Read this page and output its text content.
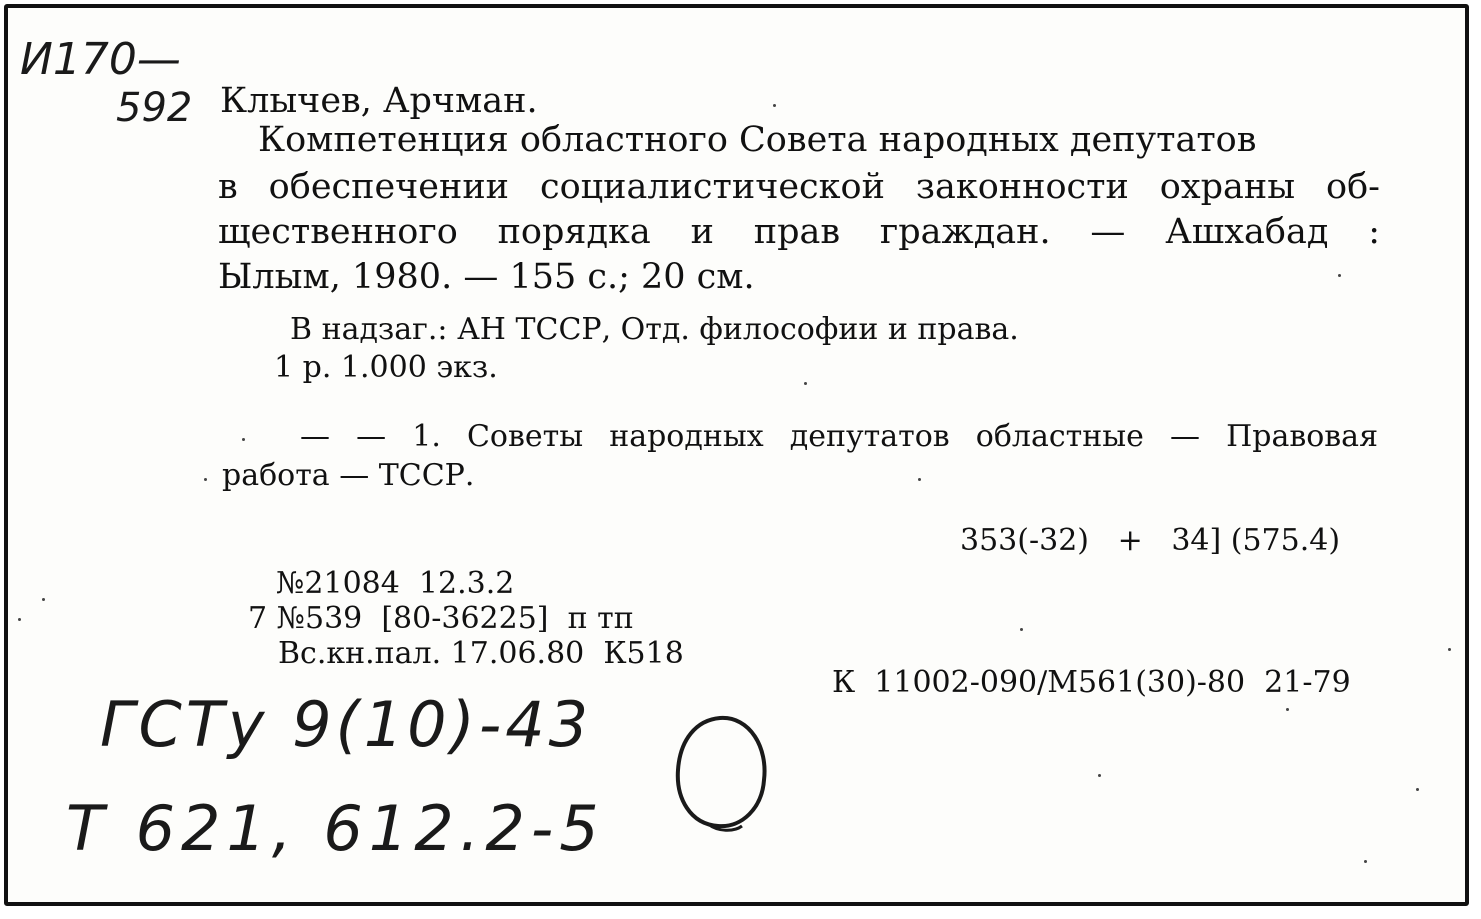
И170—
592 Клычев, Арчман.
Компетенция областного Совета народных депутатов
в обеспечении социалистической законности охраны об-
щественного порядка и прав граждан. — Ашхабад :
Ылым, 1980. — 155 с.; 20 см.
В надзаг.: АН ТССР, Отд. философии и права.
1 р. 1.000 экз.
— — 1. Советы народных депутатов областные — Правовая
работа — ТССР.
353(-32)   +   34] (575.4)
№21084  12.3.2
7 №539  [80-36225]  п тп
Вс.кн.пал. 17.06.80  К518
К  11002-090/М561(30)-80  21-79
ГСТу 9(10)-43
Т 621, 612.2-5
